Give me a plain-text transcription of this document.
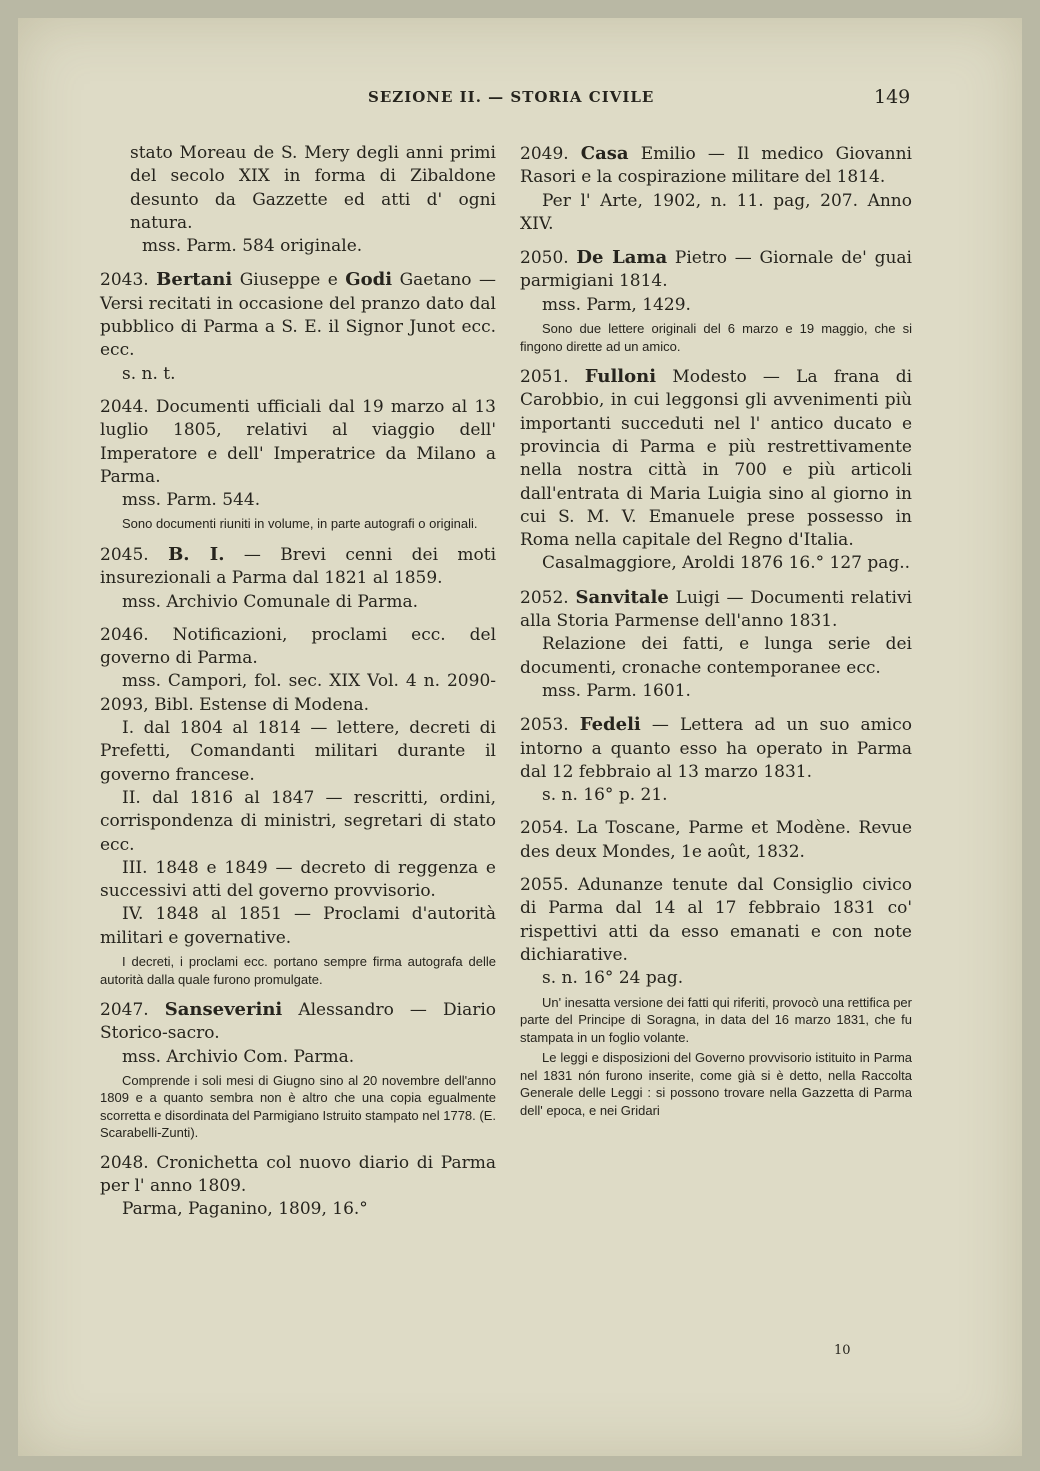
SEZIONE II. — STORIA CIVILE	149

stato Moreau de S. Mery degli anni primi del secolo XIX in forma di Zibaldone desunto da Gazzette ed atti d' ogni natura.

mss. Parm. 584 originale.

2043. Bertani Giuseppe e Godi Gaetano — Versi recitati in occasione del pranzo dato dal pubblico di Parma a S. E. il Signor Junot ecc. ecc.

s. n. t.

2044. Documenti ufficiali dal 19 marzo al 13 luglio 1805, relativi al viaggio dell' Imperatore e dell' Imperatrice da Milano a Parma.

mss. Parm. 544.

Sono documenti riuniti in volume, in parte autografi o originali.

2045. B. I. — Brevi cenni dei moti insurezionali a Parma dal 1821 al 1859.

mss. Archivio Comunale di Parma.

2046. Notificazioni, proclami ecc. del governo di Parma.

mss. Campori, fol. sec. XIX Vol. 4 n. 2090-2093, Bibl. Estense di Modena.

I. dal 1804 al 1814 — lettere, decreti di Prefetti, Comandanti militari durante il governo francese.

II. dal 1816 al 1847 — rescritti, ordini, corrispondenza di ministri, segretari di stato ecc.

III. 1848 e 1849 — decreto di reggenza e successivi atti del governo provvisorio.

IV. 1848 al 1851 — Proclami d'autorità militari e governative.

I decreti, i proclami ecc. portano sempre firma autografa delle autorità dalla quale furono promulgate.

2047. Sanseverini Alessandro — Diario Storico-sacro.

mss. Archivio Com. Parma.

Comprende i soli mesi di Giugno sino al 20 novembre dell'anno 1809 e a quanto sembra non è altro che una copia egualmente scorretta e disordinata del Parmigiano Istruito stampato nel 1778. (E. Scarabelli-Zunti).

2048. Cronichetta col nuovo diario di Parma per l' anno 1809.

Parma, Paganino, 1809, 16.°

2049. Casa Emilio — Il medico Giovanni Rasori e la cospirazione militare del 1814.

Per l' Arte, 1902, n. 11. pag, 207. Anno XIV.

2050. De Lama Pietro — Giornale de' guai parmigiani 1814.

mss. Parm, 1429.

Sono due lettere originali del 6 marzo e 19 maggio, che si fingono dirette ad un amico.

2051. Fulloni Modesto — La frana di Carobbio, in cui leggonsi gli avvenimenti più importanti succeduti nel l' antico ducato e provincia di Parma e più restrettivamente nella nostra città in 700 e più articoli dall'entrata di Maria Luigia sino al giorno in cui S. M. V. Emanuele prese possesso in Roma nella capitale del Regno d'Italia.

Casalmaggiore, Aroldi 1876 16.° 127 pag..

2052. Sanvitale Luigi — Documenti relativi alla Storia Parmense dell'anno 1831.

Relazione dei fatti, e lunga serie dei documenti, cronache contemporanee ecc.

mss. Parm. 1601.

2053. Fedeli — Lettera ad un suo amico intorno a quanto esso ha operato in Parma dal 12 febbraio al 13 marzo 1831.

s. n. 16° p. 21.

2054. La Toscane, Parme et Modène. Revue des deux Mondes, 1e août, 1832.

2055. Adunanze tenute dal Consiglio civico di Parma dal 14 al 17 febbraio 1831 co' rispettivi atti da esso emanati e con note dichiarative.

s. n. 16° 24 pag.

Un' inesatta versione dei fatti qui riferiti, provocò una rettifica per parte del Principe di Soragna, in data del 16 marzo 1831, che fu stampata in un foglio volante.

Le leggi e disposizioni del Governo provvisorio istituito in Parma nel 1831 nón furono inserite, come già si è detto, nella Raccolta Generale delle Leggi : si possono trovare nella Gazzetta di Parma dell' epoca, e nei Gridari

10
